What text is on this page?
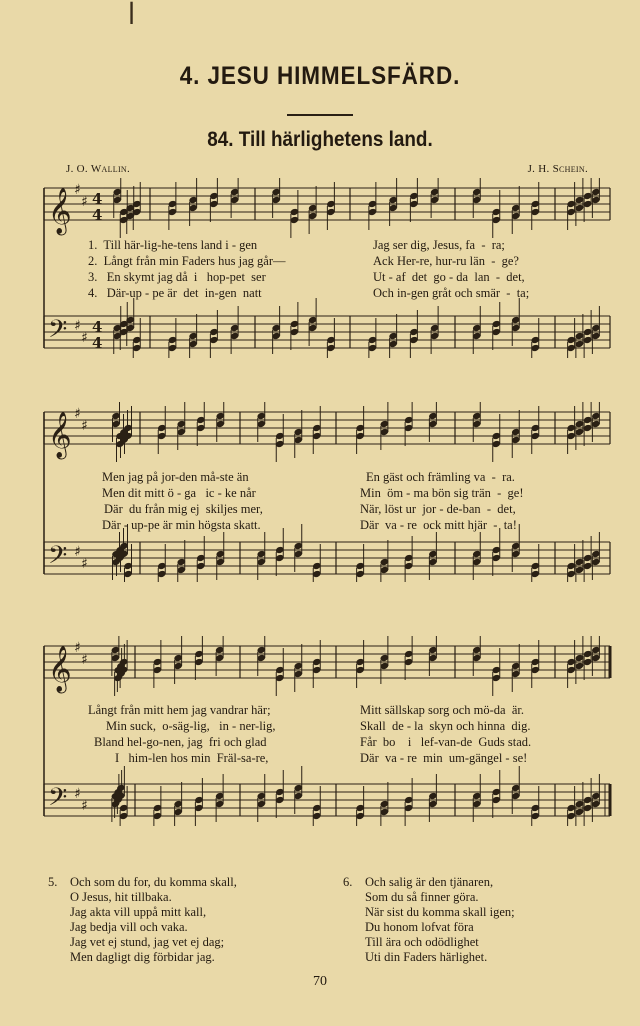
ꟾ
4. JESU HIMMELSFÄRD.
84. Till härlighetens land.
J. O. Wallin.	J. H. Schein.
𝄞 ♯
♯ 4
4
𝄢 ♯
♯
4
4
1.  Till här-lig-he-tens land i - gen	Jag ser dig, Jesus, fa  -  ra;
2.  Långt från min Faders hus jag går—	Ack Her-re, hur-ru län  -  ge?
3.   En skymt jag då  i   hop-pet  ser	Ut - af  det  go - da  lan  -  det,
4.   Där-up - pe är  det  in-gen  natt	Och in-gen gråt och smär  -  ta;
𝄞 ♯
♯
𝄢 ♯
♯
Men jag på jor-den må-ste än	En gäst och främling va  -  ra.
Men dit mitt ö - ga   ic - ke når	Min  öm - ma bön sig trän  -  ge!
Där  du från mig ej  skiljes mer,	När, löst ur  jor - de-ban  -  det,
Där - up-pe är min högsta skatt.	Där  va - re  ock mitt hjär  -  ta!
𝄞 ♯
♯
𝄢 ♯
♯
Långt från mitt hem jag vandrar här;	Mitt sällskap sorg och mö-da  är.
Min suck,  o-säg-lig,   in - ner-lig,	Skall  de - la  skyn och hinna  dig.
Bland hel-go-nen, jag  fri och glad	Får  bo    i   lef-van-de  Guds stad.
I   him-len hos min  Fräl-sa-re,	Där  va - re  min  um-gängel - se!
5. Och som du for, du komma skall,
O Jesus, hit tillbaka.
Jag akta vill uppå mitt kall,
Jag bedja vill och vaka.
Jag vet ej stund, jag vet ej dag;
Men dagligt dig förbidar jag.
6. Och salig är den tjänaren,
Som du så finner göra.
När sist du komma skall igen;
Du honom lofvat föra
Till ära och odödlighet
Uti din Faders härlighet.
70
